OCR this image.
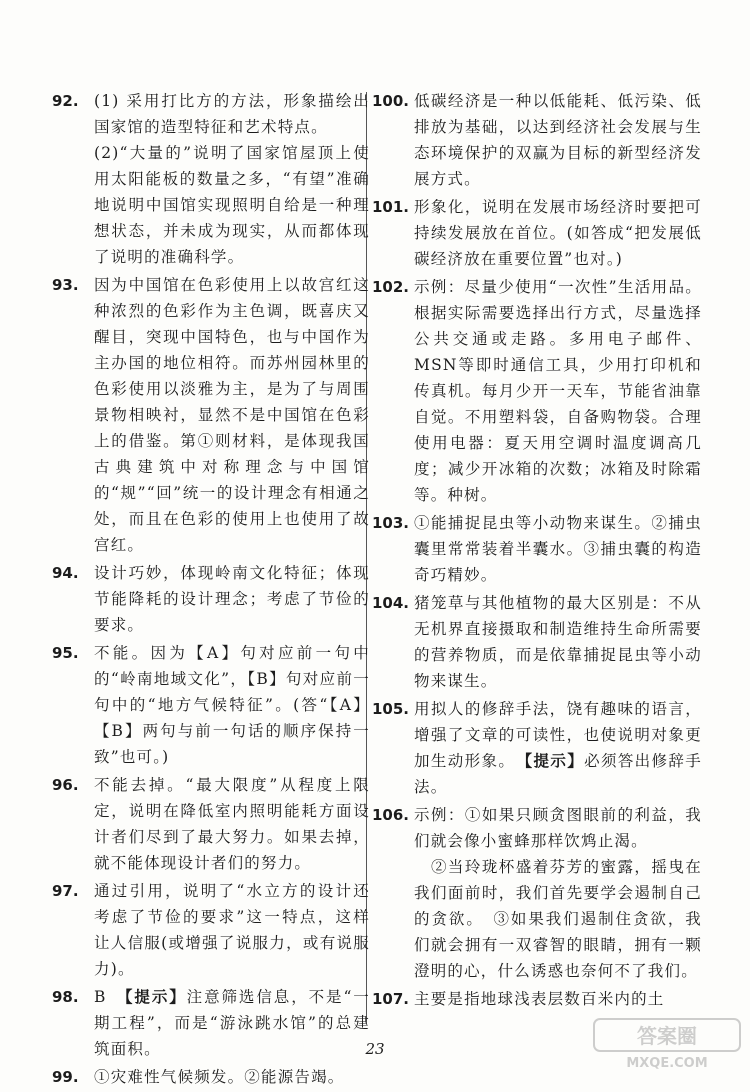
92. (1) 采用打比方的方法，形象描绘出国家馆的造型特征和艺术特点。

(2)“大量的”说明了国家馆屋顶上使用太阳能板的数量之多，“有望”准确地说明中国馆实现照明自给是一种理想状态，并未成为现实，从而都体现了说明的准确科学。

93. 因为中国馆在色彩使用上以故宫红这种浓烈的色彩作为主色调，既喜庆又醒目，突现中国特色，也与中国作为主办国的地位相符。而苏州园林里的色彩使用以淡雅为主，是为了与周围景物相映衬，显然不是中国馆在色彩上的借鉴。第①则材料，是体现我国古典建筑中对称理念与中国馆的“规”“回”统一的设计理念有相通之处，而且在色彩的使用上也使用了故宫红。

94. 设计巧妙，体现岭南文化特征；体现节能降耗的设计理念；考虑了节俭的要求。

95. 不能。因为【A】句对应前一句中的“岭南地域文化”，【B】句对应前一句中的“地方气候特征”。(答“【A】【B】两句与前一句话的顺序保持一致”也可。)

96. 不能去掉。“最大限度”从程度上限定，说明在降低室内照明能耗方面设计者们尽到了最大努力。如果去掉，就不能体现设计者们的努力。

97. 通过引用，说明了“水立方的设计还考虑了节俭的要求”这一特点，这样让人信服(或增强了说服力，或有说服力)。

98. B　【提示】注意筛选信息，不是“一期工程”，而是“游泳跳水馆”的总建筑面积。

99. ①灾难性气候频发。②能源告竭。

100. 低碳经济是一种以低能耗、低污染、低排放为基础，以达到经济社会发展与生态环境保护的双赢为目标的新型经济发展方式。

101. 形象化，说明在发展市场经济时要把可持续发展放在首位。(如答成“把发展低碳经济放在重要位置”也对。)

102. 示例：尽量少使用“一次性”生活用品。根据实际需要选择出行方式，尽量选择公共交通或走路。多用电子邮件、MSN等即时通信工具，少用打印机和传真机。每月少开一天车，节能省油靠自觉。不用塑料袋，自备购物袋。合理使用电器：夏天用空调时温度调高几度；减少开冰箱的次数；冰箱及时除霜等。种树。

103. ①能捕捉昆虫等小动物来谋生。②捕虫囊里常常装着半囊水。③捕虫囊的构造奇巧精妙。

104. 猪笼草与其他植物的最大区别是：不从无机界直接摄取和制造维持生命所需要的营养物质，而是依靠捕捉昆虫等小动物来谋生。

105. 用拟人的修辞手法，饶有趣味的语言，增强了文章的可读性，也使说明对象更加生动形象。　【提示】必须答出修辞手法。

106. 示例：①如果只顾贪图眼前的利益，我们就会像小蜜蜂那样饮鸩止渴。

　②当玲珑杯盛着芬芳的蜜露，摇曳在我们面前时，我们首先要学会遏制自己的贪欲。　③如果我们遏制住贪欲，我们就会拥有一双睿智的眼睛，拥有一颗澄明的心，什么诱惑也奈何不了我们。

107. 主要是指地球浅表层数百米内的土

23
答案圈
MXQE.COM
